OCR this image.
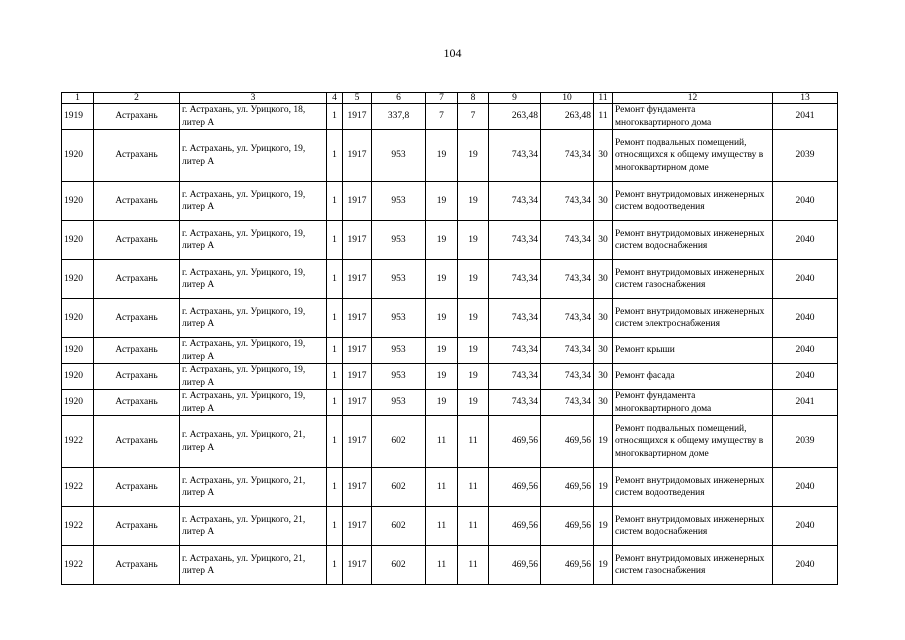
104
1	2	3	4	5	6	7	8	9	10	11	12	13
1919	Астрахань	г. Астрахань, ул. Урицкого, 18, литер А	1	1917	337,8	7	7	263,48	263,48	11	Ремонт фундамента многоквартирного дома	2041
1920	Астрахань	г. Астрахань, ул. Урицкого, 19, литер А	1	1917	953	19	19	743,34	743,34	30	Ремонт подвальных помещений, относящихся к общему имуществу в многоквартирном доме	2039
1920	Астрахань	г. Астрахань, ул. Урицкого, 19, литер А	1	1917	953	19	19	743,34	743,34	30	Ремонт внутридомовых инженерных систем водоотведения	2040
1920	Астрахань	г. Астрахань, ул. Урицкого, 19, литер А	1	1917	953	19	19	743,34	743,34	30	Ремонт внутридомовых инженерных систем водоснабжения	2040
1920	Астрахань	г. Астрахань, ул. Урицкого, 19, литер А	1	1917	953	19	19	743,34	743,34	30	Ремонт внутридомовых инженерных систем газоснабжения	2040
1920	Астрахань	г. Астрахань, ул. Урицкого, 19, литер А	1	1917	953	19	19	743,34	743,34	30	Ремонт внутридомовых инженерных систем электроснабжения	2040
1920	Астрахань	г. Астрахань, ул. Урицкого, 19, литер А	1	1917	953	19	19	743,34	743,34	30	Ремонт крыши	2040
1920	Астрахань	г. Астрахань, ул. Урицкого, 19, литер А	1	1917	953	19	19	743,34	743,34	30	Ремонт фасада	2040
1920	Астрахань	г. Астрахань, ул. Урицкого, 19, литер А	1	1917	953	19	19	743,34	743,34	30	Ремонт фундамента многоквартирного дома	2041
1922	Астрахань	г. Астрахань, ул. Урицкого, 21, литер А	1	1917	602	11	11	469,56	469,56	19	Ремонт подвальных помещений, относящихся к общему имуществу в многоквартирном доме	2039
1922	Астрахань	г. Астрахань, ул. Урицкого, 21, литер А	1	1917	602	11	11	469,56	469,56	19	Ремонт внутридомовых инженерных систем водоотведения	2040
1922	Астрахань	г. Астрахань, ул. Урицкого, 21, литер А	1	1917	602	11	11	469,56	469,56	19	Ремонт внутридомовых инженерных систем водоснабжения	2040
1922	Астрахань	г. Астрахань, ул. Урицкого, 21, литер А	1	1917	602	11	11	469,56	469,56	19	Ремонт внутридомовых инженерных систем газоснабжения	2040
